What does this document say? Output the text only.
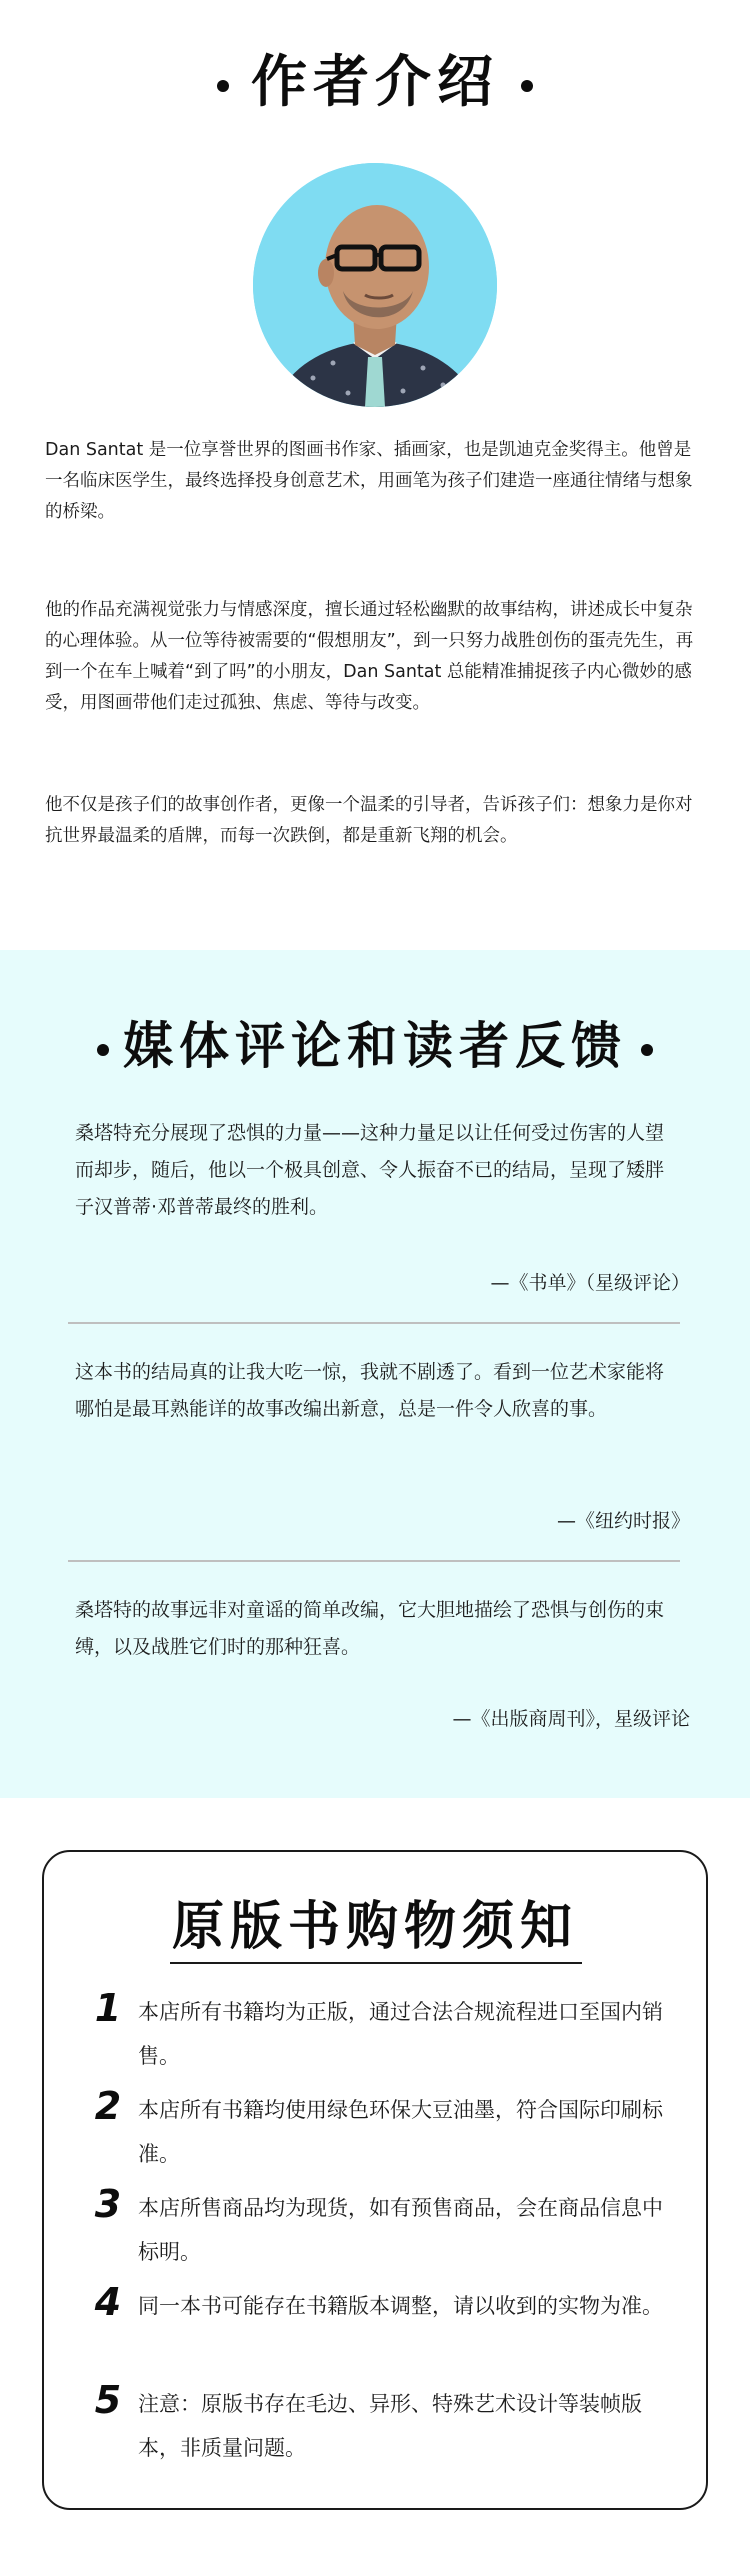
作者介绍

Dan Santat 是一位享誉世界的图画书作家、插画家，也是凯迪克金奖得主。他曾是一名临床医学生，最终选择投身创意艺术，用画笔为孩子们建造一座通往情绪与想象的桥梁。

他的作品充满视觉张力与情感深度，擅长通过轻松幽默的故事结构，讲述成长中复杂的心理体验。从一位等待被需要的“假想朋友”，到一只努力战胜创伤的蛋壳先生，再到一个在车上喊着“到了吗”的小朋友，Dan Santat 总能精准捕捉孩子内心微妙的感受，用图画带他们走过孤独、焦虑、等待与改变。

他不仅是孩子们的故事创作者，更像一个温柔的引导者，告诉孩子们：想象力是你对抗世界最温柔的盾牌，而每一次跌倒，都是重新飞翔的机会。

媒体评论和读者反馈

桑塔特充分展现了恐惧的力量——这种力量足以让任何受过伤害的人望而却步，随后，他以一个极具创意、令人振奋不已的结局，呈现了矮胖子汉普蒂·邓普蒂最终的胜利。

—《书单》（星级评论）

这本书的结局真的让我大吃一惊，我就不剧透了。看到一位艺术家能将哪怕是最耳熟能详的故事改编出新意，总是一件令人欣喜的事。

—《纽约时报》

桑塔特的故事远非对童谣的简单改编，它大胆地描绘了恐惧与创伤的束缚，以及战胜它们时的那种狂喜。

—《出版商周刊》，星级评论

原版书购物须知
1 本店所有书籍均为正版，通过合法合规流程进口至国内销售。

2 本店所有书籍均使用绿色环保大豆油墨，符合国际印刷标准。

3 本店所售商品均为现货，如有预售商品，会在商品信息中标明。

4 同一本书可能存在书籍版本调整，请以收到的实物为准。

5 注意：原版书存在毛边、异形、特殊艺术设计等装帧版本，非质量问题。
